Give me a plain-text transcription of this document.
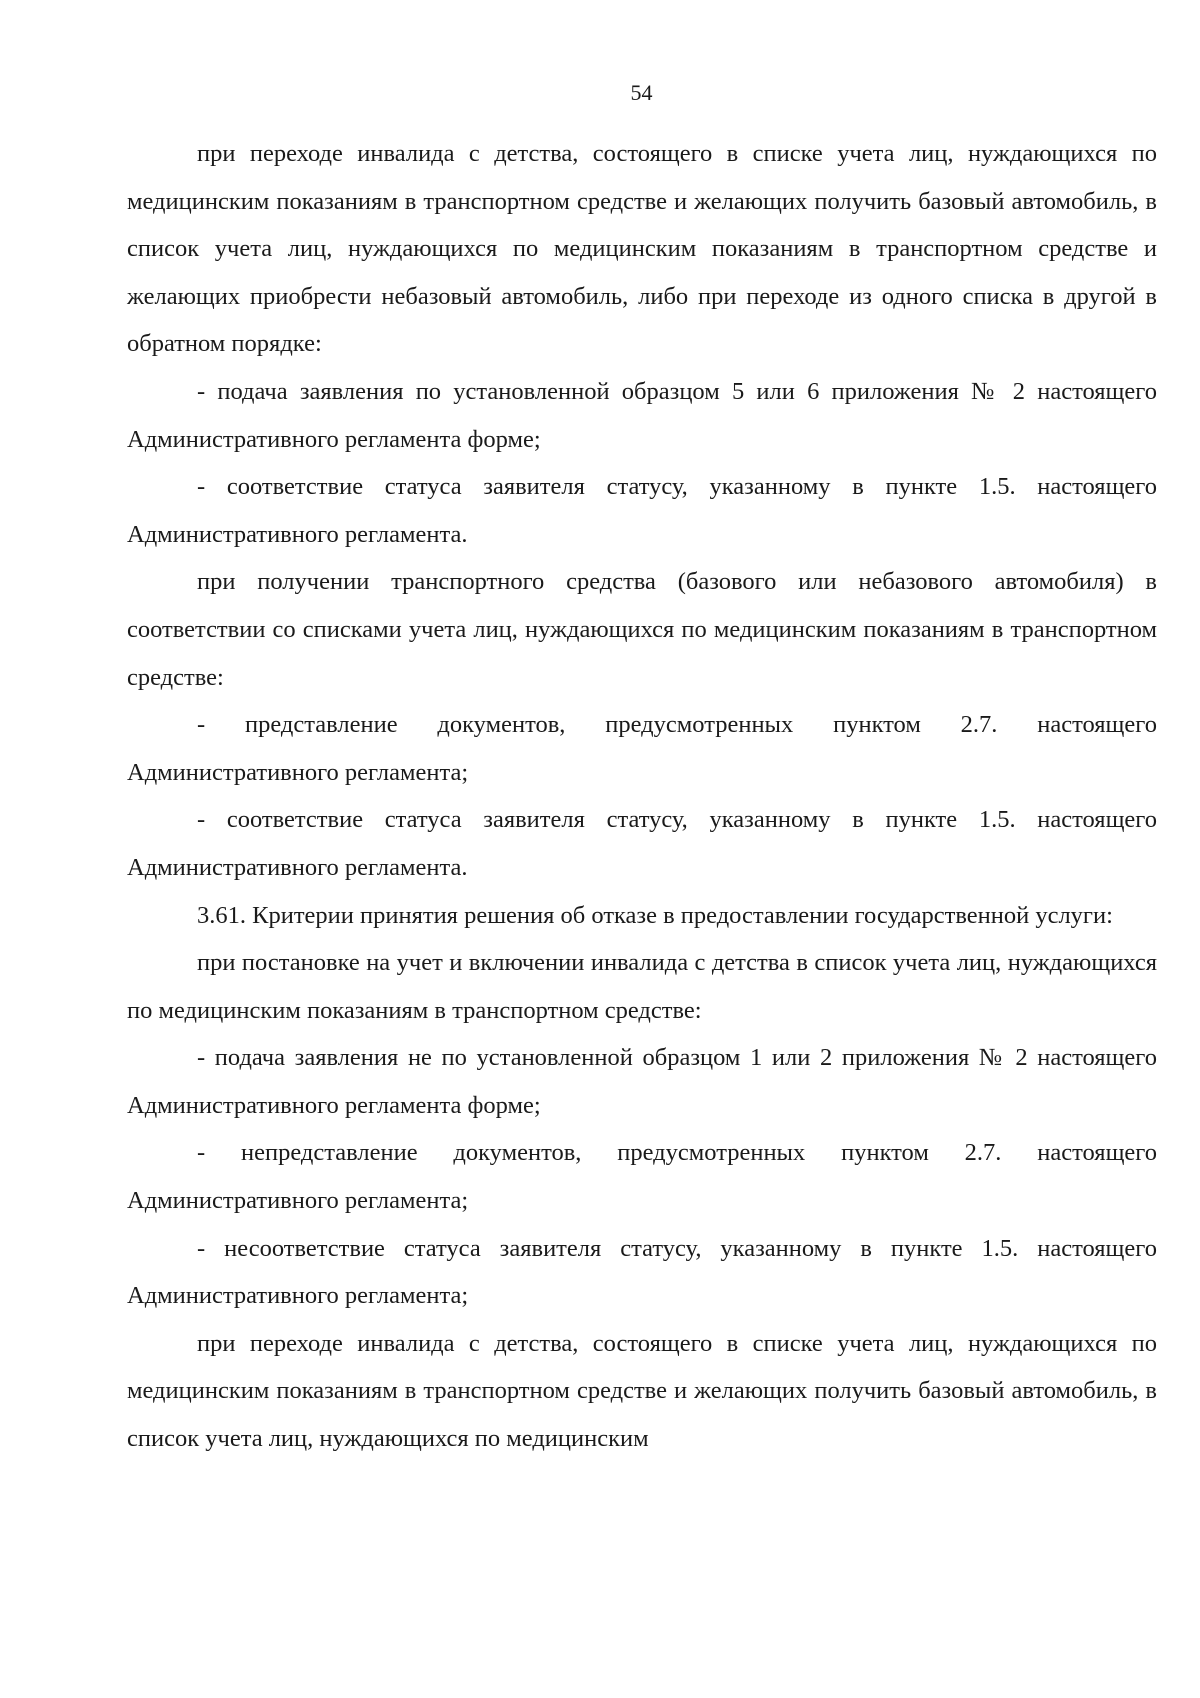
54

при переходе инвалида с детства, состоящего в списке учета лиц, нуждающихся по медицинским показаниям в транспортном средстве и желающих получить базовый автомобиль, в список учета лиц, нуждающихся по медицинским показаниям в транспортном средстве и желающих приобрести небазовый автомобиль, либо при переходе из одного списка в другой в обратном порядке:

- подача заявления по установленной образцом 5 или 6 приложения № 2 настоящего Административного регламента форме;

- соответствие статуса заявителя статусу, указанному в пункте 1.5. настоящего Административного регламента.

при получении транспортного средства (базового или небазового автомобиля) в соответствии со списками учета лиц, нуждающихся по медицинским показаниям в транспортном средстве:

- представление документов, предусмотренных пунктом 2.7. настоящего Административного регламента;

- соответствие статуса заявителя статусу, указанному в пункте 1.5. настоящего Административного регламента.

3.61. Критерии принятия решения об отказе в предоставлении государственной услуги:

при постановке на учет и включении инвалида с детства в список учета лиц, нуждающихся по медицинским показаниям в транспортном средстве:

- подача заявления не по установленной образцом 1 или 2 приложения № 2 настоящего Административного регламента форме;

- непредставление документов, предусмотренных пунктом 2.7. настоящего Административного регламента;

- несоответствие статуса заявителя статусу, указанному в пункте 1.5. настоящего Административного регламента;

при переходе инвалида с детства, состоящего в списке учета лиц, нуждающихся по медицинским показаниям в транспортном средстве и желающих получить базовый автомобиль, в список учета лиц, нуждающихся по медицинским
